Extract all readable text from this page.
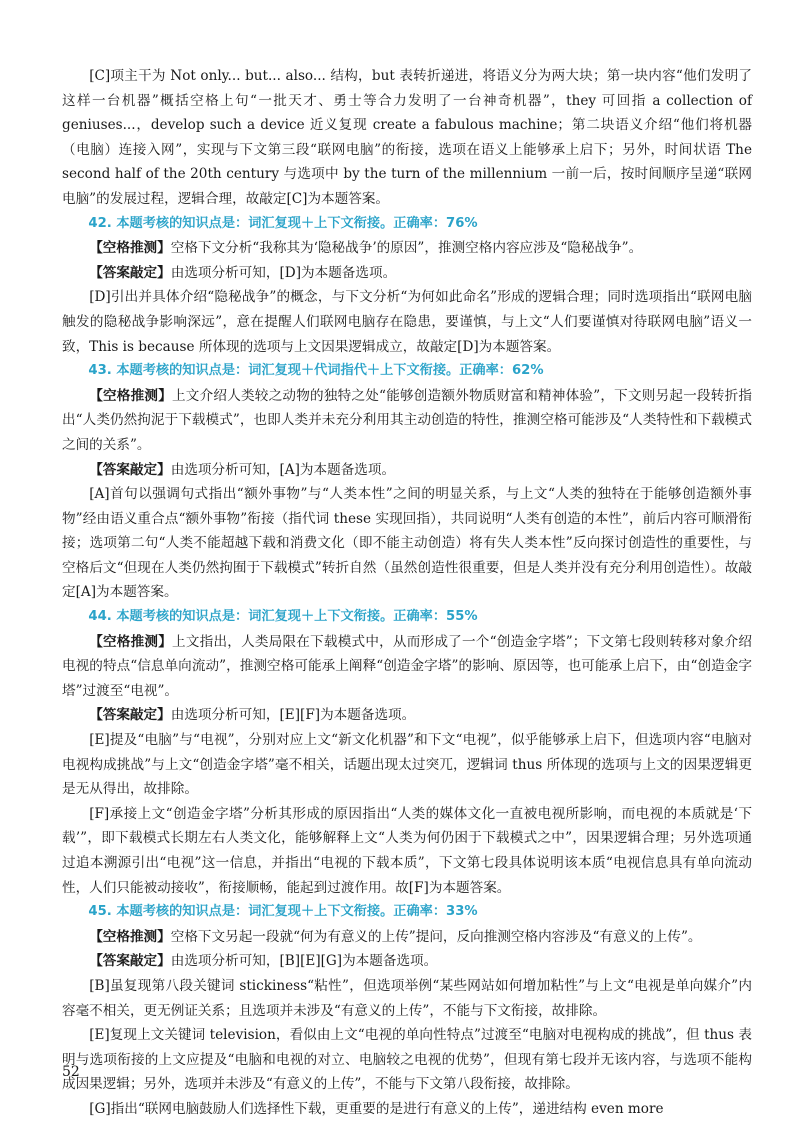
[C]项主干为 Not only... but... also... 结构，but 表转折递进，将语义分为两大块；第一块内容“他们发明了这样一台机器”概括空格上句“一批天才、勇士等合力发明了一台神奇机器”，they 可回指 a collection of geniuses...，develop such a device 近义复现 create a fabulous machine；第二块语义介绍“他们将机器（电脑）连接入网”，实现与下文第三段“联网电脑”的衔接，选项在语义上能够承上启下；另外，时间状语 The second half of the 20th century 与选项中 by the turn of the millennium 一前一后，按时间顺序呈递“联网电脑”的发展过程，逻辑合理，故敲定[C]为本题答案。

42. 本题考核的知识点是：词汇复现＋上下文衔接。正确率：76%

【空格推测】空格下文分析“我称其为‘隐秘战争’的原因”，推测空格内容应涉及“隐秘战争”。

【答案敲定】由选项分析可知，[D]为本题备选项。

[D]引出并具体介绍“隐秘战争”的概念，与下文分析“为何如此命名”形成的逻辑合理；同时选项指出“联网电脑触发的隐秘战争影响深远”，意在提醒人们联网电脑存在隐患，要谨慎，与上文“人们要谨慎对待联网电脑”语义一致，This is because 所体现的选项与上文因果逻辑成立，故敲定[D]为本题答案。

43. 本题考核的知识点是：词汇复现＋代词指代＋上下文衔接。正确率：62%

【空格推测】上文介绍人类较之动物的独特之处“能够创造额外物质财富和精神体验”，下文则另起一段转折指出“人类仍然拘泥于下载模式”，也即人类并未充分利用其主动创造的特性，推测空格可能涉及“人类特性和下载模式之间的关系”。

【答案敲定】由选项分析可知，[A]为本题备选项。

[A]首句以强调句式指出“额外事物”与“人类本性”之间的明显关系，与上文“人类的独特在于能够创造额外事物”经由语义重合点“额外事物”衔接（指代词 these 实现回指），共同说明“人类有创造的本性”，前后内容可顺滑衔接；选项第二句“人类不能超越下载和消费文化（即不能主动创造）将有失人类本性”反向探讨创造性的重要性，与空格后文“但现在人类仍然拘囿于下载模式”转折自然（虽然创造性很重要，但是人类并没有充分利用创造性）。故敲定[A]为本题答案。

44. 本题考核的知识点是：词汇复现＋上下文衔接。正确率：55%

【空格推测】上文指出，人类局限在下载模式中，从而形成了一个“创造金字塔”；下文第七段则转移对象介绍电视的特点“信息单向流动”，推测空格可能承上阐释“创造金字塔”的影响、原因等，也可能承上启下，由“创造金字塔”过渡至“电视”。

【答案敲定】由选项分析可知，[E][F]为本题备选项。

[E]提及“电脑”与“电视”，分别对应上文“新文化机器”和下文“电视”，似乎能够承上启下，但选项内容“电脑对电视构成挑战”与上文“创造金字塔”毫不相关，话题出现太过突兀，逻辑词 thus 所体现的选项与上文的因果逻辑更是无从得出，故排除。

[F]承接上文“创造金字塔”分析其形成的原因指出“人类的媒体文化一直被电视所影响，而电视的本质就是‘下载’”，即下载模式长期左右人类文化，能够解释上文“人类为何仍困于下载模式之中”，因果逻辑合理；另外选项通过追本溯源引出“电视”这一信息，并指出“电视的下载本质”，下文第七段具体说明该本质“电视信息具有单向流动性，人们只能被动接收”，衔接顺畅，能起到过渡作用。故[F]为本题答案。

45. 本题考核的知识点是：词汇复现＋上下文衔接。正确率：33%

【空格推测】空格下文另起一段就“何为有意义的上传”提问，反向推测空格内容涉及“有意义的上传”。

【答案敲定】由选项分析可知，[B][E][G]为本题备选项。

[B]虽复现第八段关键词 stickiness“粘性”，但选项举例“某些网站如何增加粘性”与上文“电视是单向媒介”内容毫不相关，更无例证关系；且选项并未涉及“有意义的上传”，不能与下文衔接，故排除。

[E]复现上文关键词 television，看似由上文“电视的单向性特点”过渡至“电脑对电视构成的挑战”，但 thus 表明与选项衔接的上文应提及“电脑和电视的对立、电脑较之电视的优势”，但现有第七段并无该内容，与选项不能构成因果逻辑；另外，选项并未涉及“有意义的上传”，不能与下文第八段衔接，故排除。

[G]指出“联网电脑鼓励人们选择性下载，更重要的是进行有意义的上传”，递进结构 even more

52
